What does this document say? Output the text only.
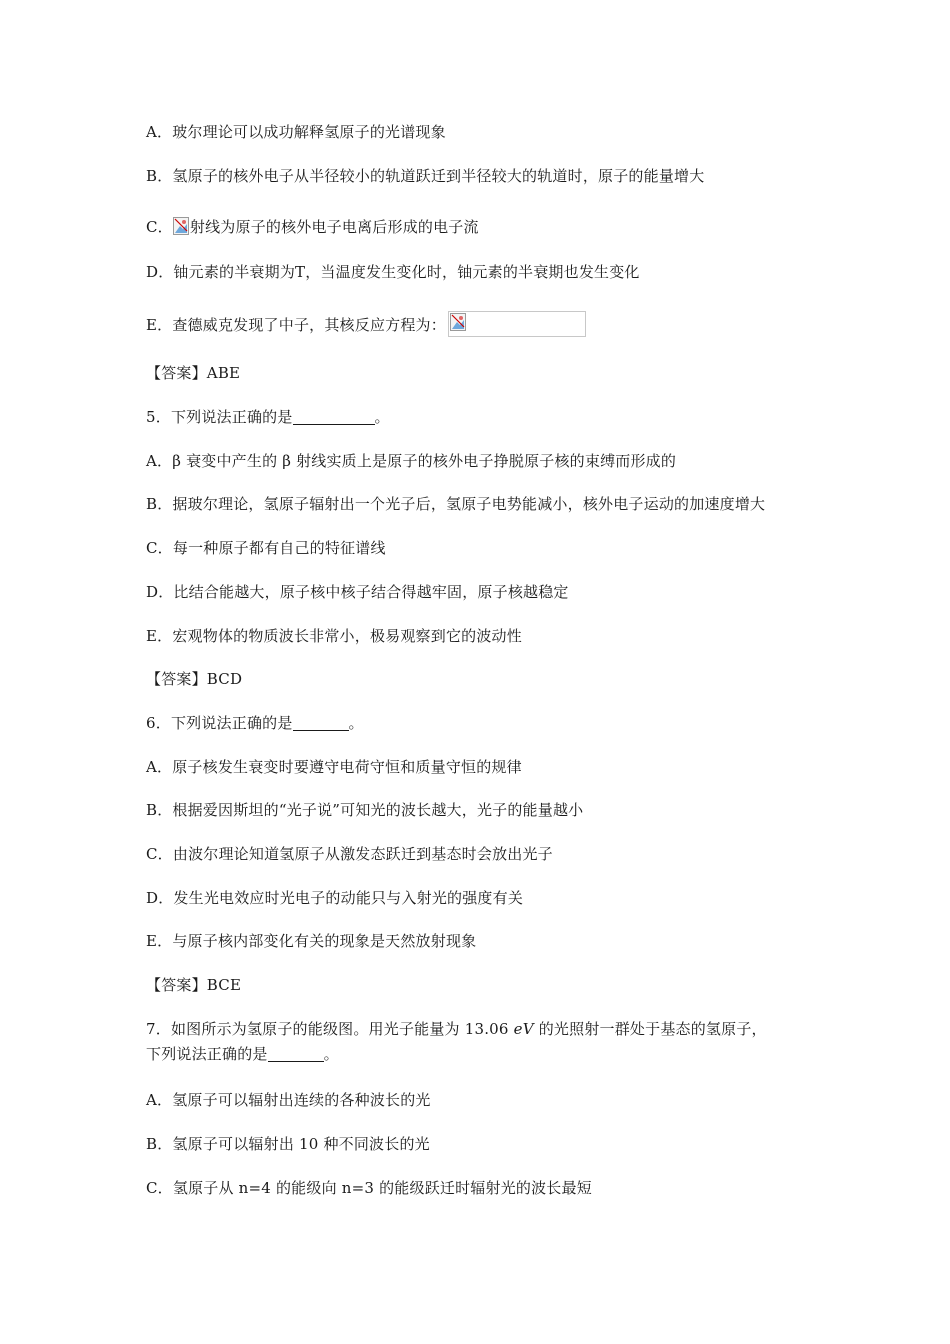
A．玻尔理论可以成功解释氢原子的光谱现象
B．氢原子的核外电子从半径较小的轨道跃迁到半径较大的轨道时，原子的能量增大
C． 射线为原子的核外电子电离后形成的电子流
D．铀元素的半衰期为T，当温度发生变化时，铀元素的半衰期也发生变化
E．查德威克发现了中子，其核反应方程为：
【答案】ABE
5．下列说法正确的是	。
A．β 衰变中产生的 β 射线实质上是原子的核外电子挣脱原子核的束缚而形成的
B．据玻尔理论，氢原子辐射出一个光子后，氢原子电势能减小，核外电子运动的加速度增大
C．每一种原子都有自己的特征谱线
D．比结合能越大，原子核中核子结合得越牢固，原子核越稳定
E．宏观物体的物质波长非常小，极易观察到它的波动性
【答案】BCD
6．下列说法正确的是	。
A．原子核发生衰变时要遵守电荷守恒和质量守恒的规律
B．根据爱因斯坦的“光子说”可知光的波长越大，光子的能量越小
C．由波尔理论知道氢原子从激发态跃迁到基态时会放出光子
D．发生光电效应时光电子的动能只与入射光的强度有关
E．与原子核内部变化有关的现象是天然放射现象
【答案】BCE
7．如图所示为氢原子的能级图。用光子能量为 13.06 eV 的光照射一群处于基态的氢原子，
下列说法正确的是	。
A．氢原子可以辐射出连续的各种波长的光
B．氢原子可以辐射出 10 种不同波长的光
C．氢原子从 n=4 的能级向 n=3 的能级跃迁时辐射光的波长最短
